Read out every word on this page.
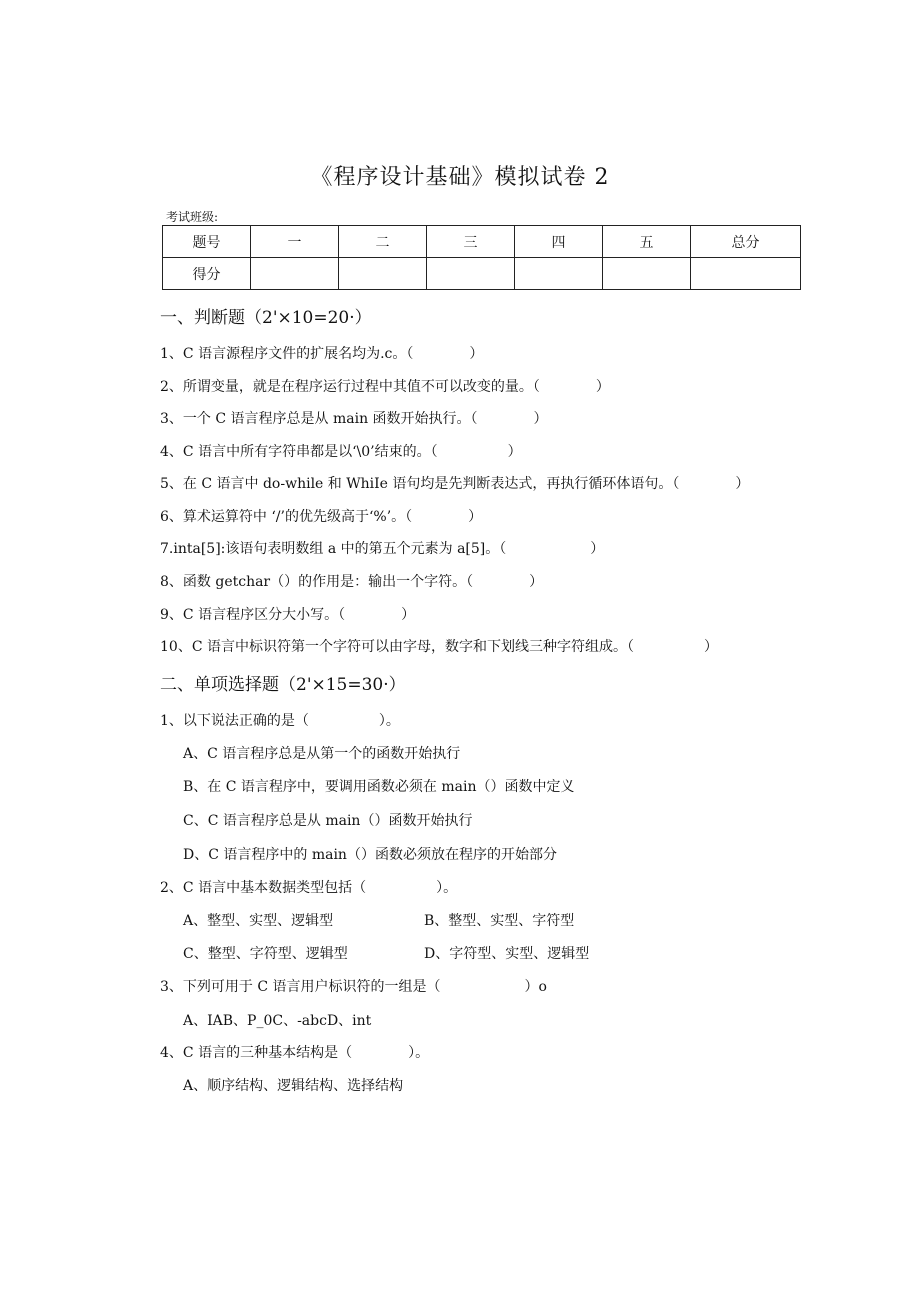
《程序设计基础》模拟试卷 2
考试班级:
题号	一	二	三	四	五	总分
得分						
一、判断题（2'×10=20·）
1、C 语言源程序文件的扩展名均为.c。（　　　　）
2、所谓变量，就是在程序运行过程中其值不可以改变的量。（　　　　）
3、一个 C 语言程序总是从 main 函数开始执行。（　　　　）
4、C 语言中所有字符串都是以‘\0’结束的。（　　　　　）
5、在 C 语言中 do-while 和 WhiIe 语句均是先判断表达式，再执行循环体语句。（　　　　）
6、算术运算符中 ‘/’的优先级高于‘%’。（　　　　）
7.inta[5]:该语句表明数组 a 中的第五个元素为 a[5]。（　　　　　　）
8、函数 getchar（）的作用是：输出一个字符。（　　　　）
9、C 语言程序区分大小写。（　　　　）
10、C 语言中标识符第一个字符可以由字母，数字和下划线三种字符组成。（　　　　　）
二、单项选择题（2'×15=30·）
1、以下说法正确的是（　　　　　）。
A、C 语言程序总是从第一个的函数开始执行
B、在 C 语言程序中，要调用函数必须在 main（）函数中定义
C、C 语言程序总是从 main（）函数开始执行
D、C 语言程序中的 main（）函数必须放在程序的开始部分
2、C 语言中基本数据类型包括（　　　　　）。
A、整型、实型、逻辑型	B、整型、实型、字符型
C、整型、字符型、逻辑型	D、字符型、实型、逻辑型
3、下列可用于 C 语言用户标识符的一组是（　　　　　　）o
A、IAB、P_0C、-abcD、int
4、C 语言的三种基本结构是（　　　　）。
A、顺序结构、逻辑结构、选择结构
